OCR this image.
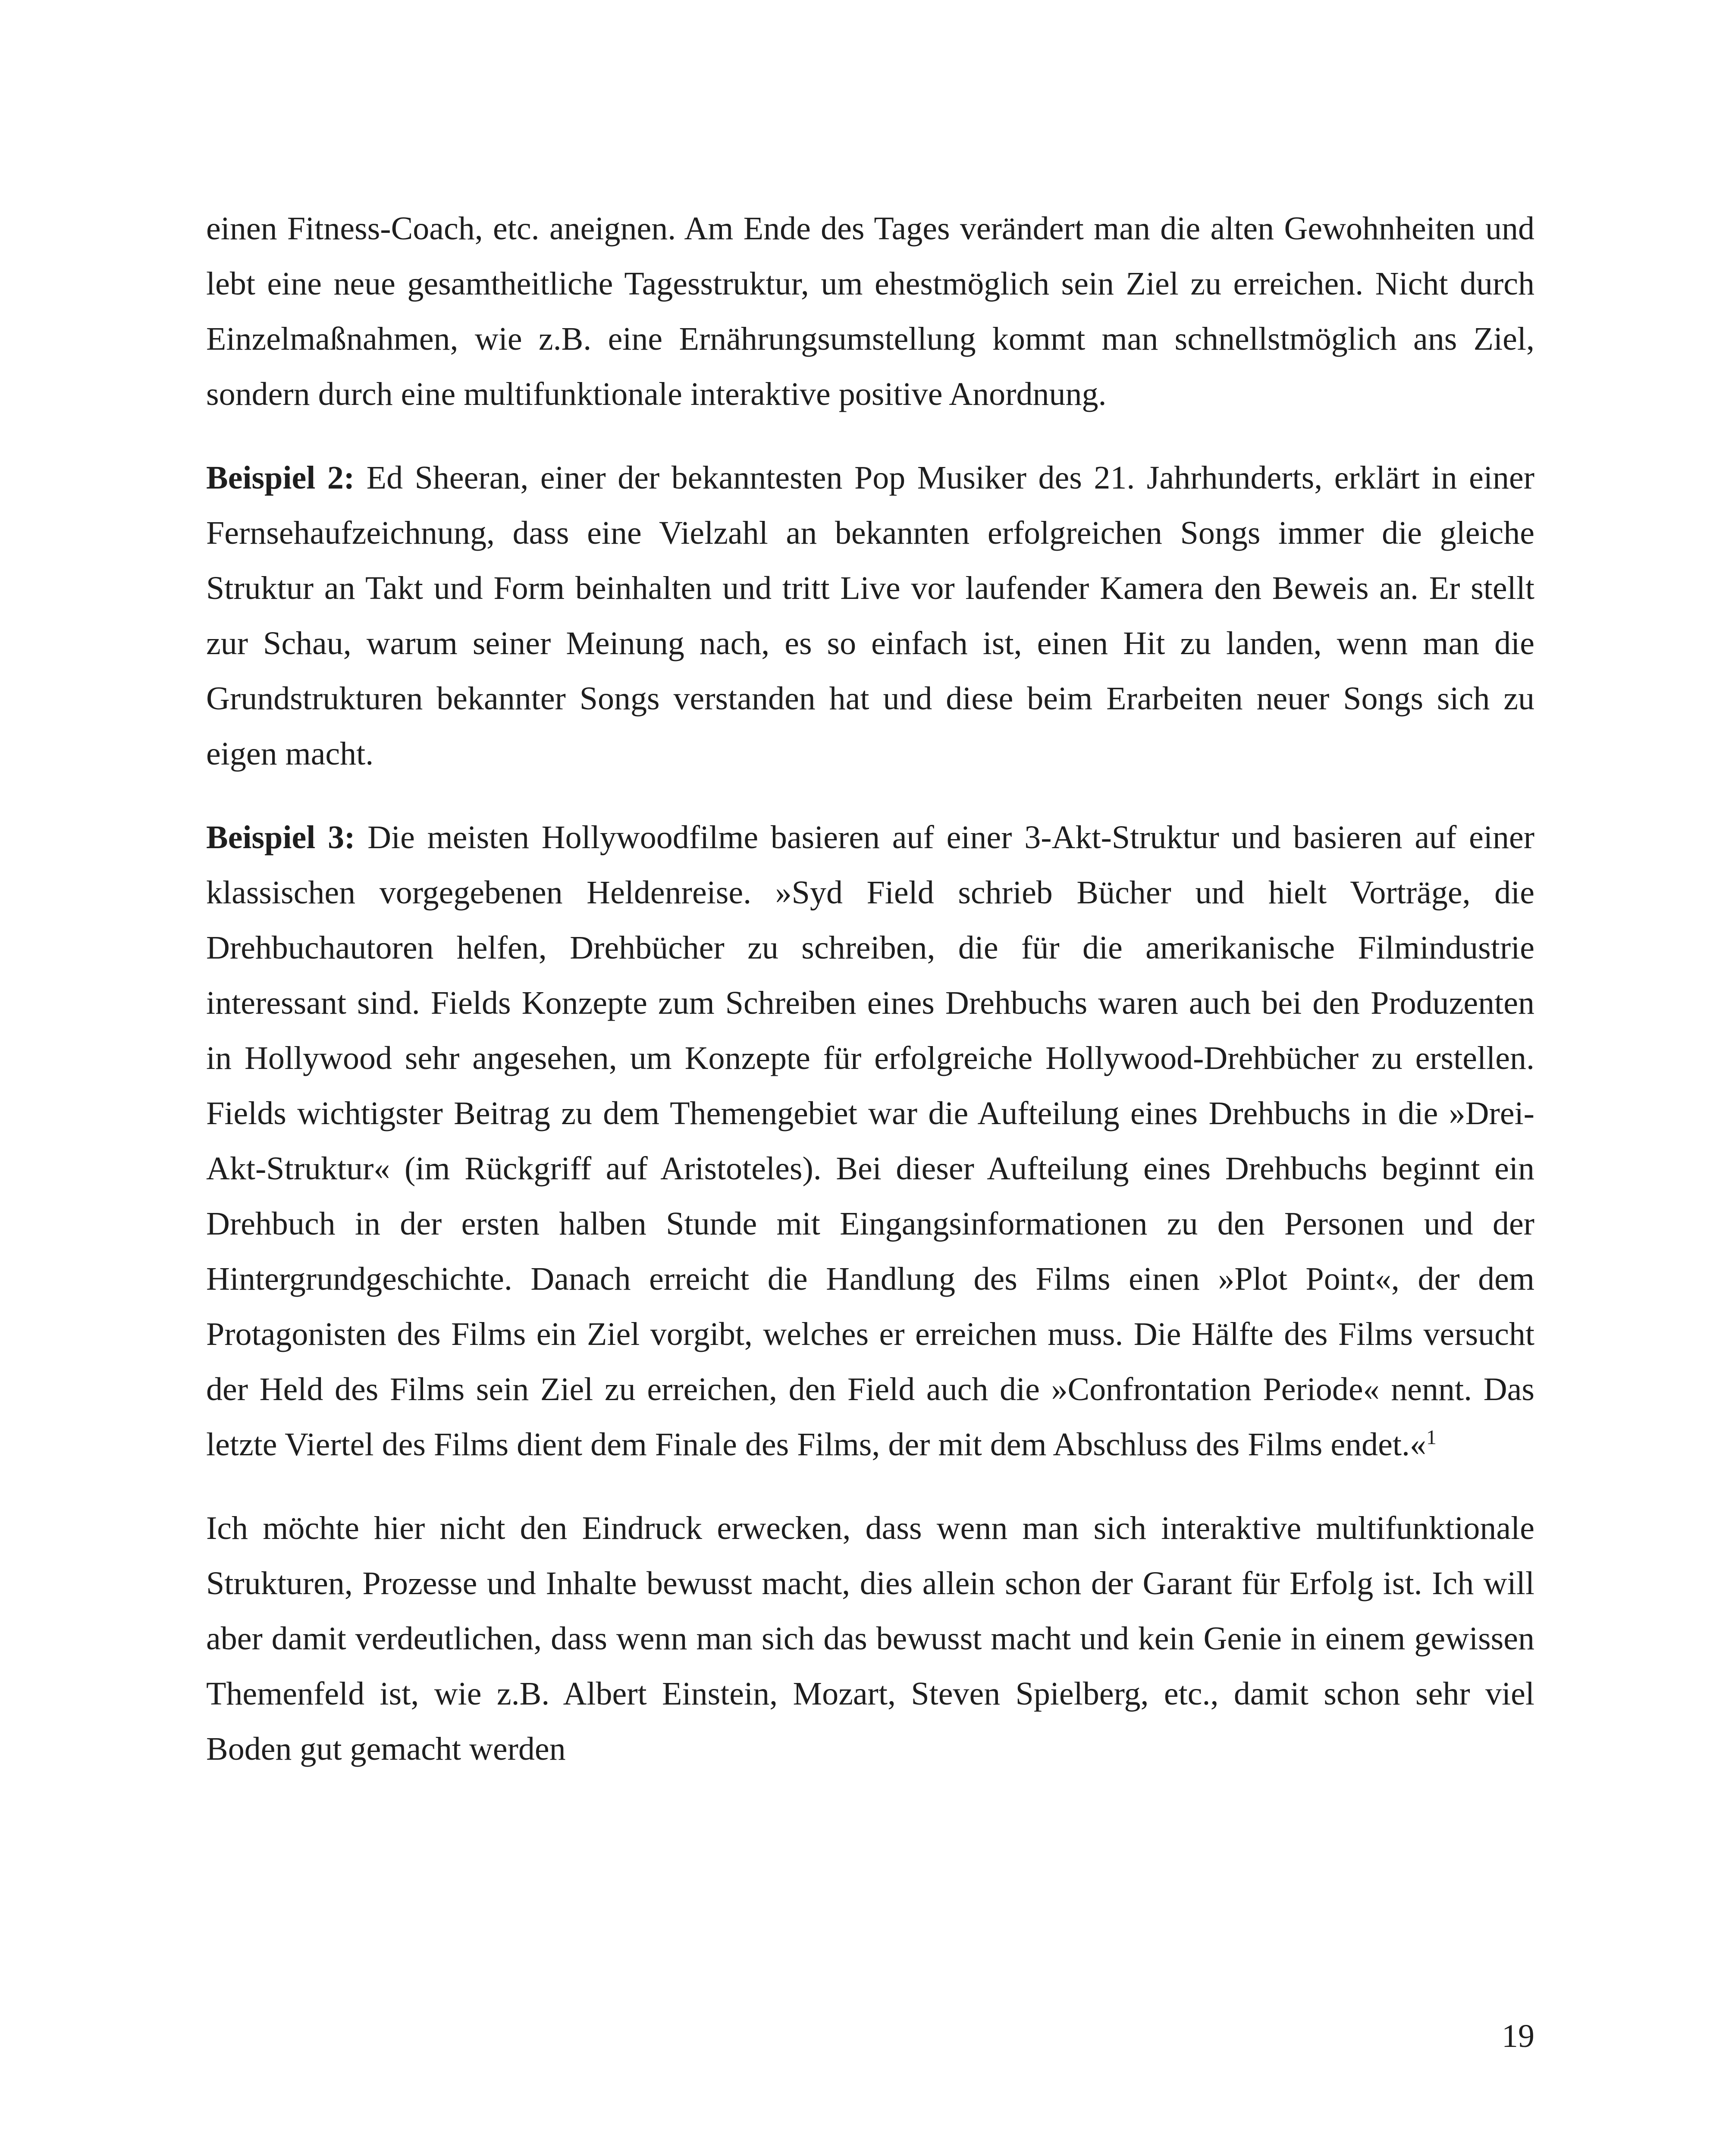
einen Fitness-Coach, etc. aneignen. Am Ende des Tages verändert man die alten Gewohnheiten und lebt eine neue gesamtheitliche Tagesstruktur, um ehestmöglich sein Ziel zu erreichen. Nicht durch Einzelmaßnahmen, wie z.B. eine Ernährungsumstellung kommt man schnellstmöglich ans Ziel, sondern durch eine multifunktionale interaktive positive Anordnung.

Beispiel 2: Ed Sheeran, einer der bekanntesten Pop Musiker des 21. Jahrhunderts, erklärt in einer Fernsehaufzeichnung, dass eine Vielzahl an bekannten erfolgreichen Songs immer die gleiche Struktur an Takt und Form beinhalten und tritt Live vor laufender Kamera den Beweis an. Er stellt zur Schau, warum seiner Meinung nach, es so einfach ist, einen Hit zu landen, wenn man die Grundstrukturen bekannter Songs verstanden hat und diese beim Erarbeiten neuer Songs sich zu eigen macht.

Beispiel 3: Die meisten Hollywoodfilme basieren auf einer 3-Akt-Struktur und basieren auf einer klassischen vorgegebenen Heldenreise. »Syd Field schrieb Bücher und hielt Vorträge, die Drehbuchautoren helfen, Drehbücher zu schreiben, die für die amerikanische Filmindustrie interessant sind. Fields Konzepte zum Schreiben eines Drehbuchs waren auch bei den Produzenten in Hollywood sehr angesehen, um Konzepte für erfolgreiche Hollywood-Drehbücher zu erstellen. Fields wichtigster Beitrag zu dem Themengebiet war die Aufteilung eines Drehbuchs in die »Drei-Akt-Struktur« (im Rückgriff auf Aristoteles). Bei dieser Aufteilung eines Drehbuchs beginnt ein Drehbuch in der ersten halben Stunde mit Eingangsinformationen zu den Personen und der Hintergrundgeschichte. Danach erreicht die Handlung des Films einen »Plot Point«, der dem Protagonisten des Films ein Ziel vorgibt, welches er erreichen muss. Die Hälfte des Films versucht der Held des Films sein Ziel zu erreichen, den Field auch die »Confrontation Periode« nennt. Das letzte Viertel des Films dient dem Finale des Films, der mit dem Abschluss des Films endet.«$^1$

Ich möchte hier nicht den Eindruck erwecken, dass wenn man sich interaktive multifunktionale Strukturen, Prozesse und Inhalte bewusst macht, dies allein schon der Garant für Erfolg ist. Ich will aber damit verdeutlichen, dass wenn man sich das bewusst macht und kein Genie in einem gewissen Themenfeld ist, wie z.B. Albert Einstein, Mozart, Steven Spielberg, etc., damit schon sehr viel Boden gut gemacht werden

19
